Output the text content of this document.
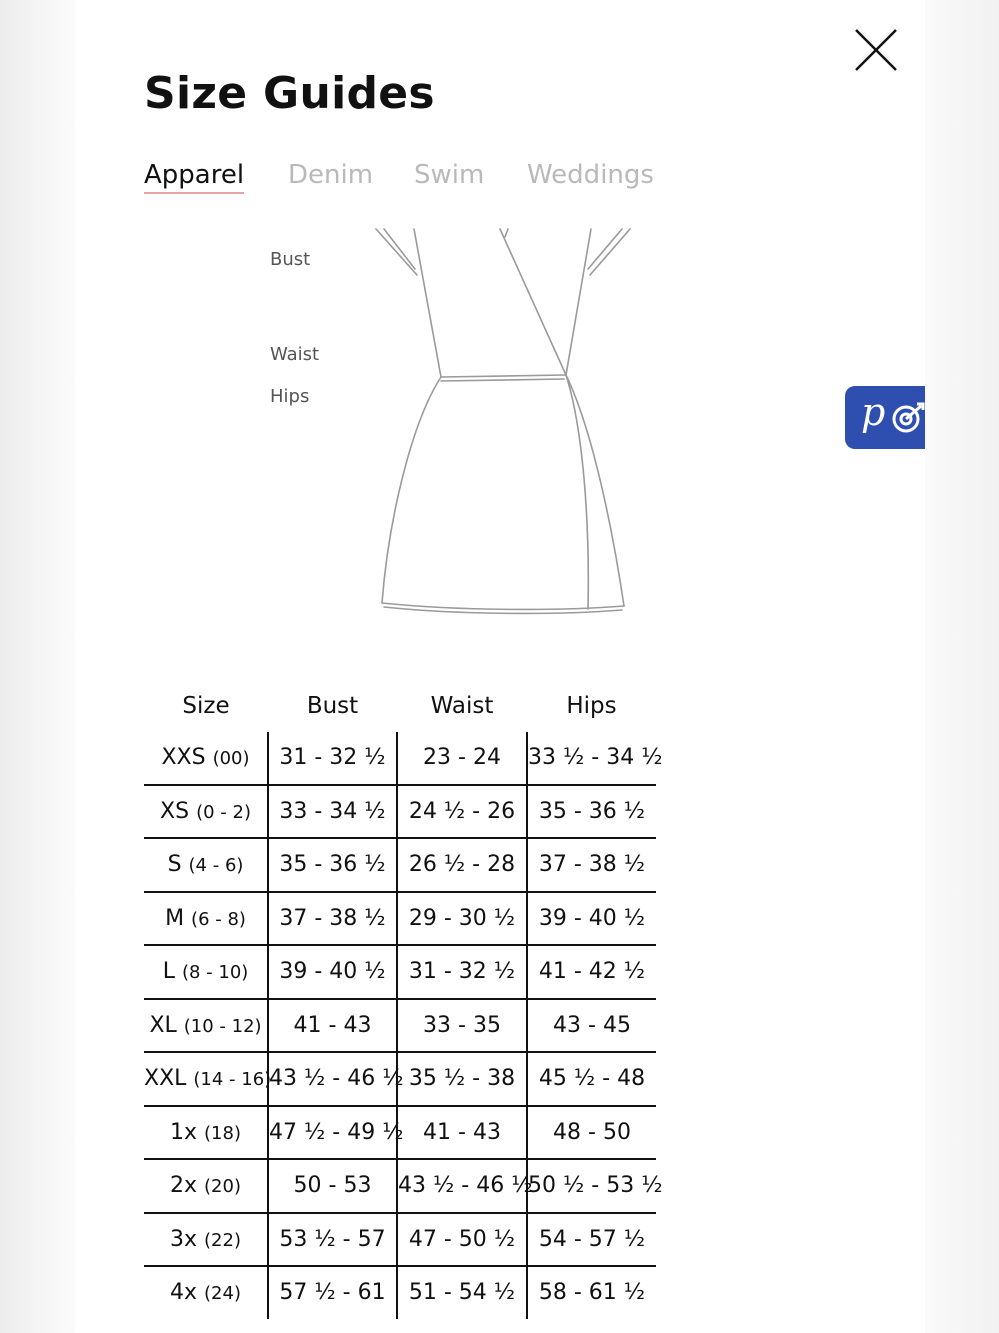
Size Guides
Apparel Denim Swim Weddings
Bust
Waist
Hips	p
Size	Bust	Waist	Hips
XXS (00)	31 - 32 ½	23 - 24	33 ½ - 34 ½
XS (0 - 2)	33 - 34 ½	24 ½ - 26	35 - 36 ½
S (4 - 6)	35 - 36 ½	26 ½ - 28	37 - 38 ½
M (6 - 8)	37 - 38 ½	29 - 30 ½	39 - 40 ½
L (8 - 10)	39 - 40 ½	31 - 32 ½	41 - 42 ½
XL (10 - 12)	41 - 43	33 - 35	43 - 45
XXL (14 - 16)	43 ½ - 46 ½	35 ½ - 38	45 ½ - 48
1x (18)	47 ½ - 49 ½	41 - 43	48 - 50
2x (20)	50 - 53	43 ½ - 46 ½	50 ½ - 53 ½
3x (22)	53 ½ - 57	47 - 50 ½	54 - 57 ½
4x (24)	57 ½ - 61	51 - 54 ½	58 - 61 ½
